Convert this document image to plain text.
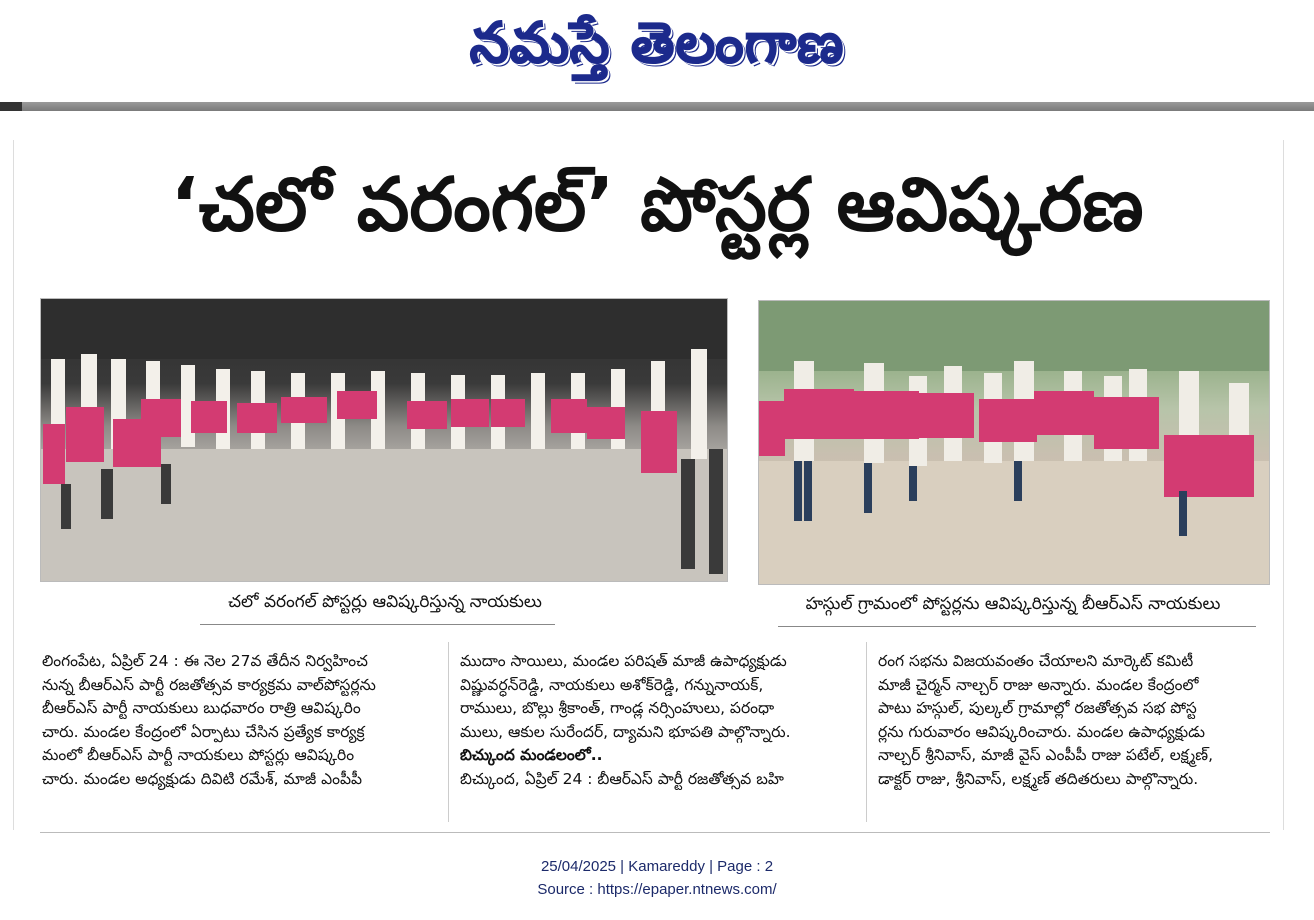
నమస్తే తెలంగాణ
‘చలో వరంగల్’ పోస్టర్ల ఆవిష్కరణ
చలో వరంగల్ పోస్టర్లు ఆవిష్కరిస్తున్న నాయకులు	హస్గుల్ గ్రామంలో పోస్టర్లను ఆవిష్కరిస్తున్న బీఆర్ఎస్ నాయకులు

లింగంపేట, ఏప్రిల్ 24 : ఈ నెల 27వ తేదీన నిర్వహించ

నున్న బీఆర్ఎస్ పార్టీ రజతోత్సవ కార్యక్రమ వాల్‌పోస్టర్లను

బీఆర్ఎస్ పార్టీ నాయకులు బుధవారం రాత్రి ఆవిష్కరిం

చారు. మండల కేంద్రంలో ఏర్పాటు చేసిన ప్రత్యేక కార్యక్ర

మంలో బీఆర్ఎస్ పార్టీ నాయకులు పోస్టర్లు ఆవిష్కరిం

చారు. మండల అధ్యక్షుడు దివిటి రమేశ్, మాజీ ఎంపీపీ

ముదాం సాయిలు, మండల పరిషత్ మాజీ ఉపాధ్యక్షుడు

విష్ణువర్ధన్‌రెడ్డి, నాయకులు అశోక్‌రెడ్డి, గన్నునాయక్,

రాములు, బొల్లు శ్రీకాంత్, గాండ్ల నర్సింహులు, పరంధా

ములు, ఆకుల సురేందర్, ద్యామని భూపతి పాల్గొన్నారు.

బిచ్కుంద మండలంలో..

బిచ్కుంద, ఏప్రిల్ 24 : బీఆర్ఎస్ పార్టీ రజతోత్సవ బహి

రంగ సభను విజయవంతం చేయాలని మార్కెట్ కమిటీ

మాజీ చైర్మన్ నాల్చర్ రాజు అన్నారు. మండల కేంద్రంలో

పాటు హస్గుల్, పుల్కల్ గ్రామాల్లో రజతోత్సవ సభ పోస్ట

ర్లను గురువారం ఆవిష్కరించారు. మండల ఉపాధ్యక్షుడు

నాల్చర్ శ్రీనివాస్, మాజీ వైస్ ఎంపీపీ రాజు పటేల్, లక్ష్మణ్,

డాక్టర్ రాజు, శ్రీనివాస్, లక్ష్మణ్ తదితరులు పాల్గొన్నారు.

25/04/2025 | Kamareddy | Page : 2
Source : https://epaper.ntnews.com/
